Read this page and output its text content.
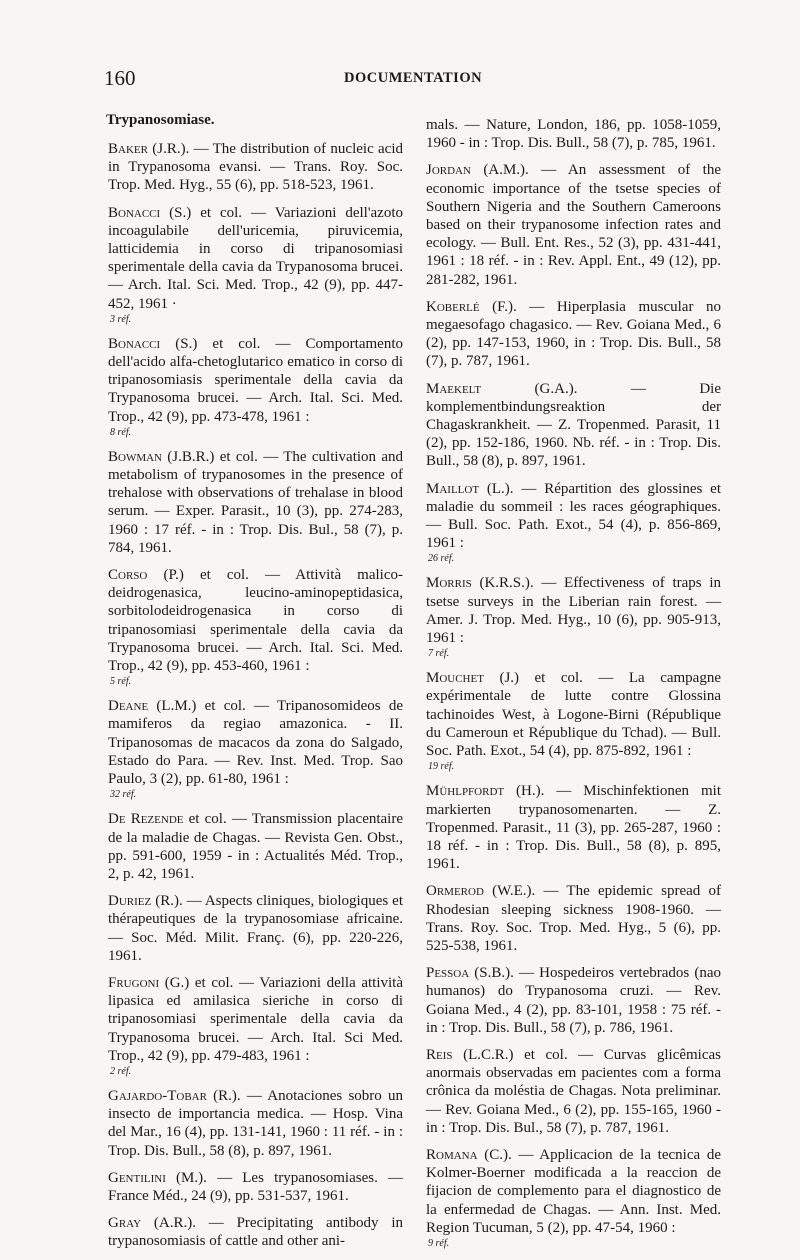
160	DOCUMENTATION
Trypanosomiase.

Baker (J.R.). — The distribution of nucleic acid in Trypanosoma evansi. — Trans. Roy. Soc. Trop. Med. Hyg., 55 (6), pp. 518-523, 1961.

Bonacci (S.) et col. — Variazioni dell'azoto incoagulabile dell'uricemia, piruvicemia, latticidemia in corso di tripanosomiasi sperimentale della cavia da Trypanosoma brucei. — Arch. Ital. Sci. Med. Trop., 42 (9), pp. 447-452, 1961 ·

3 réf.

Bonacci (S.) et col. — Comportamento dell'acido alfa-chetoglutarico ematico in corso di tripanosomiasis sperimentale della cavia da Trypanosoma brucei. — Arch. Ital. Sci. Med. Trop., 42 (9), pp. 473-478, 1961 :

8 réf.

Bowman (J.B.R.) et col. — The cultivation and metabolism of trypanosomes in the presence of trehalose with observations of trehalase in blood serum. — Exper. Parasit., 10 (3), pp. 274-283, 1960 : 17 réf. - in : Trop. Dis. Bul., 58 (7), p. 784, 1961.

Corso (P.) et col. — Attività malico-deidrogenasica, leucino-aminopeptidasica, sorbitolodeidrogenasica in corso di tripanosomiasi sperimentale della cavia da Trypanosoma brucei. — Arch. Ital. Sci. Med. Trop., 42 (9), pp. 453-460, 1961 :

5 réf.

Deane (L.M.) et col. — Tripanosomideos de mamiferos da regiao amazonica. - II. Tripanosomas de macacos da zona do Salgado, Estado do Para. — Rev. Inst. Med. Trop. Sao Paulo, 3 (2), pp. 61-80, 1961 :

32 réf.

De Rezende et col. — Transmission placentaire de la maladie de Chagas. — Revista Gen. Obst., pp. 591-600, 1959 - in : Actualités Méd. Trop., 2, p. 42, 1961.

Duriez (R.). — Aspects cliniques, biologiques et thérapeutiques de la trypanosomiase africaine. — Soc. Méd. Milit. Franç. (6), pp. 220-226, 1961.

Frugoni (G.) et col. — Variazioni della attività lipasica ed amilasica sieriche in corso di tripanosomiasi sperimentale della cavia da Trypanosoma brucei. — Arch. Ital. Sci Med. Trop., 42 (9), pp. 479-483, 1961 :

2 réf.

Gajardo-Tobar (R.). — Anotaciones sobro un insecto de importancia medica. — Hosp. Vina del Mar., 16 (4), pp. 131-141, 1960 : 11 réf. - in : Trop. Dis. Bull., 58 (8), p. 897, 1961.

Gentilini (M.). — Les trypanosomiases. — France Méd., 24 (9), pp. 531-537, 1961.

Gray (A.R.). — Precipitating antibody in trypanosomiasis of cattle and other ani-

mals. — Nature, London, 186, pp. 1058-1059, 1960 - in : Trop. Dis. Bull., 58 (7), p. 785, 1961.

Jordan (A.M.). — An assessment of the economic importance of the tsetse species of Southern Nigeria and the Southern Cameroons based on their trypanosome infection rates and ecology. — Bull. Ent. Res., 52 (3), pp. 431-441, 1961 : 18 réf. - in : Rev. Appl. Ent., 49 (12), pp. 281-282, 1961.

Koberlé (F.). — Hiperplasia muscular no megaesofago chagasico. — Rev. Goiana Med., 6 (2), pp. 147-153, 1960, in : Trop. Dis. Bull., 58 (7), p. 787, 1961.

Maekelt (G.A.). — Die komplementbindungsreaktion der Chagaskrankheit. — Z. Tropenmed. Parasit, 11 (2), pp. 152-186, 1960. Nb. réf. - in : Trop. Dis. Bull., 58 (8), p. 897, 1961.

Maillot (L.). — Répartition des glossines et maladie du sommeil : les races géographiques. — Bull. Soc. Path. Exot., 54 (4), p. 856-869, 1961 :

26 réf.

Morris (K.R.S.). — Effectiveness of traps in tsetse surveys in the Liberian rain forest. — Amer. J. Trop. Med. Hyg., 10 (6), pp. 905-913, 1961 :

7 réf.

Mouchet (J.) et col. — La campagne expérimentale de lutte contre Glossina tachinoides West, à Logone-Birni (République du Cameroun et République du Tchad). — Bull. Soc. Path. Exot., 54 (4), pp. 875-892, 1961 :

19 réf.

Mühlpfordt (H.). — Mischinfektionen mit markierten trypanosomenarten. — Z. Tropenmed. Parasit., 11 (3), pp. 265-287, 1960 : 18 réf. - in : Trop. Dis. Bull., 58 (8), p. 895, 1961.

Ormerod (W.E.). — The epidemic spread of Rhodesian sleeping sickness 1908-1960. — Trans. Roy. Soc. Trop. Med. Hyg., 5 (6), pp. 525-538, 1961.

Pessoa (S.B.). — Hospedeiros vertebrados (nao humanos) do Trypanosoma cruzi. — Rev. Goiana Med., 4 (2), pp. 83-101, 1958 : 75 réf. - in : Trop. Dis. Bull., 58 (7), p. 786, 1961.

Reis (L.C.R.) et col. — Curvas glicêmicas anormais observadas em pacientes com a forma crônica da moléstia de Chagas. Nota preliminar. — Rev. Goiana Med., 6 (2), pp. 155-165, 1960 - in : Trop. Dis. Bul., 58 (7), p. 787, 1961.

Romana (C.). — Applicacion de la tecnica de Kolmer-Boerner modificada a la reaccion de fijacion de complemento para el diagnostico de la enfermedad de Chagas. — Ann. Inst. Med. Region Tucuman, 5 (2), pp. 47-54, 1960 :

9 réf.
